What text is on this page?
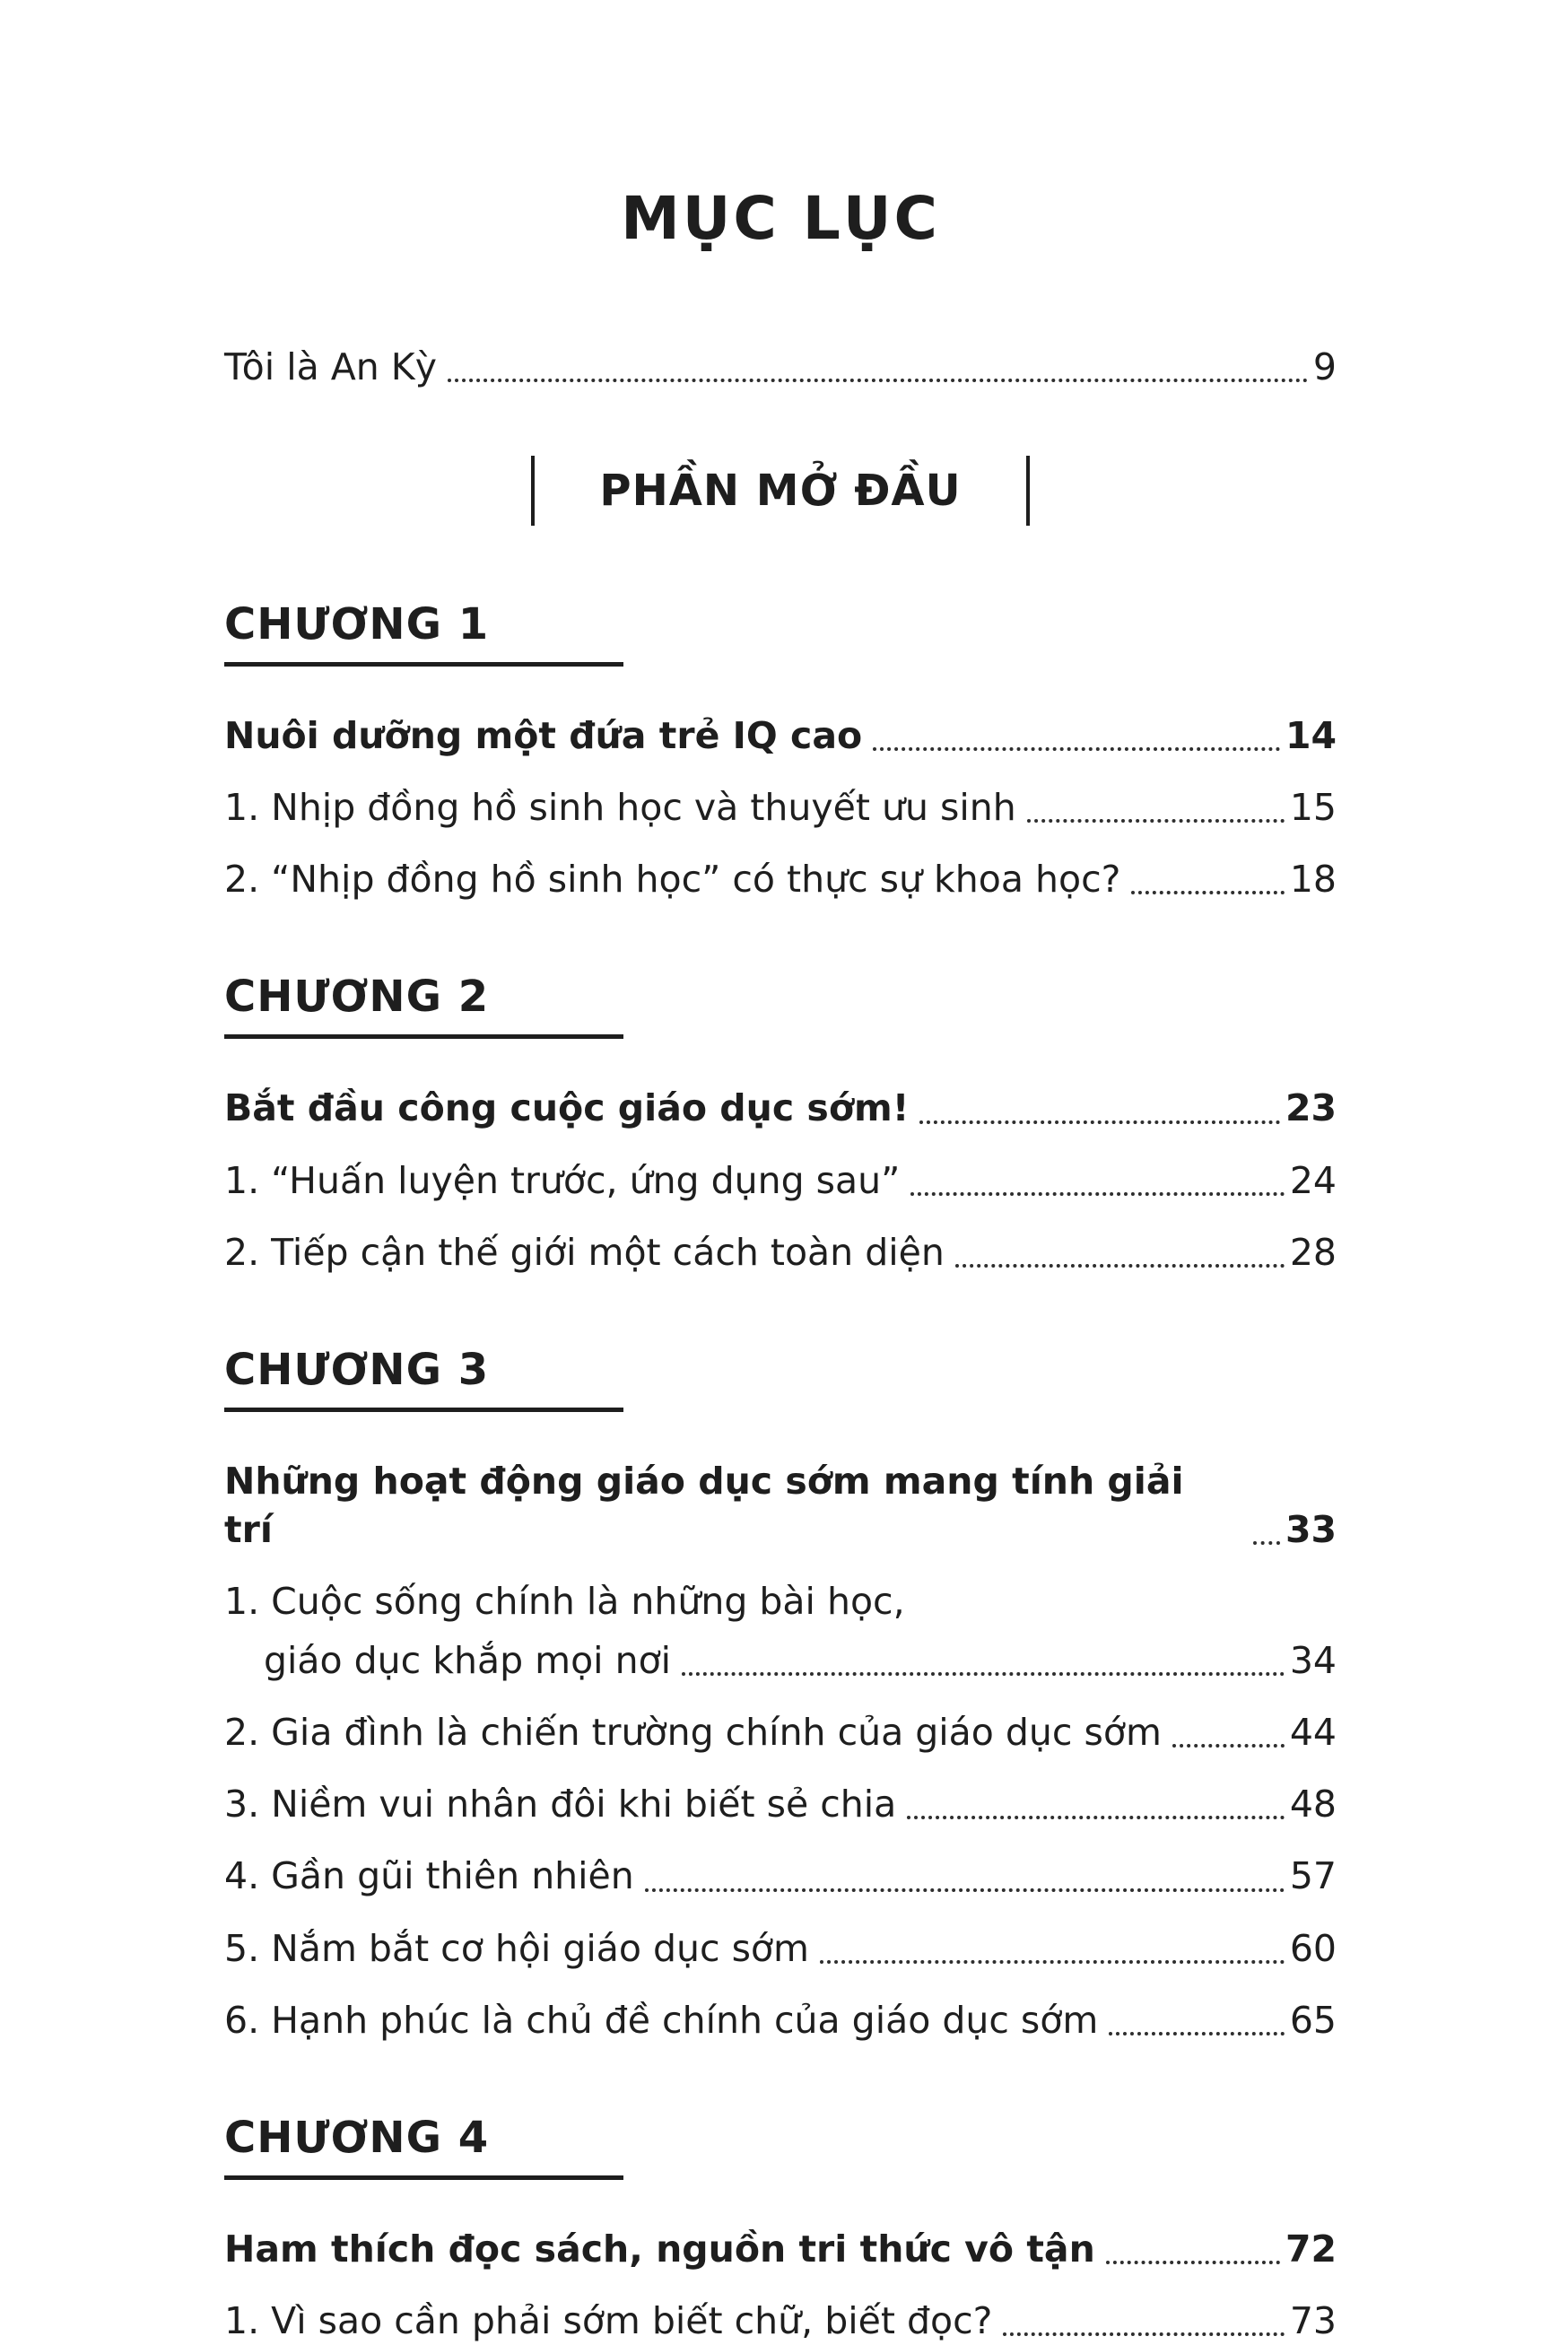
MỤC LỤC
Tôi là An Kỳ	9
PHẦN MỞ ĐẦU
CHƯƠNG 1
Nuôi dưỡng một đứa trẻ IQ cao	14
1. Nhịp đồng hồ sinh học và thuyết ưu sinh	15
2. “Nhịp đồng hồ sinh học” có thực sự khoa học?	18
CHƯƠNG 2
Bắt đầu công cuộc giáo dục sớm!	23
1. “Huấn luyện trước, ứng dụng sau”	24
2. Tiếp cận thế giới một cách toàn diện	28
CHƯƠNG 3
Những hoạt động giáo dục sớm mang tính giải trí	33
1. Cuộc sống chính là những bài học,
giáo dục khắp mọi nơi	34
2. Gia đình là chiến trường chính của giáo dục sớm	44
3. Niềm vui nhân đôi khi biết sẻ chia	48
4. Gần gũi thiên nhiên	57
5. Nắm bắt cơ hội giáo dục sớm	60
6. Hạnh phúc là chủ đề chính của giáo dục sớm	65
CHƯƠNG 4
Ham thích đọc sách, nguồn tri thức vô tận	72
1. Vì sao cần phải sớm biết chữ, biết đọc?	73
